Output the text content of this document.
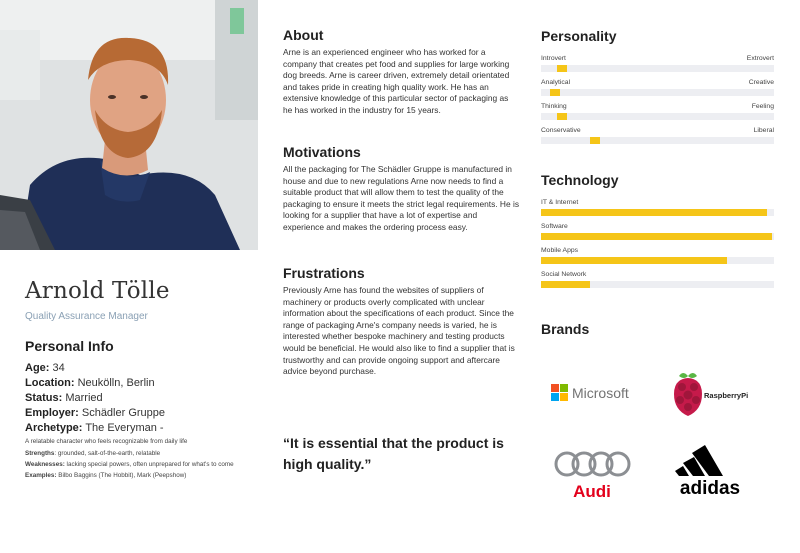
Arnold Tölle
Quality Assurance Manager
Personal Info
Age: 34
Location: Neukölln, Berlin
Status: Married
Employer: Schädler Gruppe
Archetype: The Everyman -
A relatable character who feels recognizable from daily life
Strengths: grounded, salt-of-the-earth, relatable
Weaknesses: lacking special powers, often unprepared for what's to come
Examples: Bilbo Baggins (The Hobbit), Mark (Peepshow)
About
Arne is an experienced engineer who has worked for a company that creates pet food and supplies for large working dog breeds. Arne is career driven, extremely detail orientated and takes pride in creating high quality work. He has an extensive knowledge of this particular sector of packaging as he has worked in the industry for 15 years.
Motivations
All the packaging for The Schädler Gruppe is manufactured in house and due to new regulations Arne now needs to find a suitable product that will allow them to test the quality of the packaging to ensure it meets the strict legal requirements. He is looking for a supplier that have a lot of expertise and experience and makes the ordering process easy.
Frustrations
Previously Arne has found the websites of suppliers of machinery or products overly complicated with unclear information about the specifications of each product. Since the range of packaging Arne's company needs is varied, he is interested whether bespoke machinery and testing products would be beneficial. He would also like to find a supplier that is trustworthy and can provide ongoing support and aftercare advice beyond purchase.
“It is essential that the product is high quality.”
Personality
Introvert	Extrovert
Analytical	Creative
Thinking	Feeling
Conservative	Liberal
Technology
IT & Internet
Software
Mobile Apps
Social Network
Brands
Microsoft	RaspberryPi
Audi	adidas
